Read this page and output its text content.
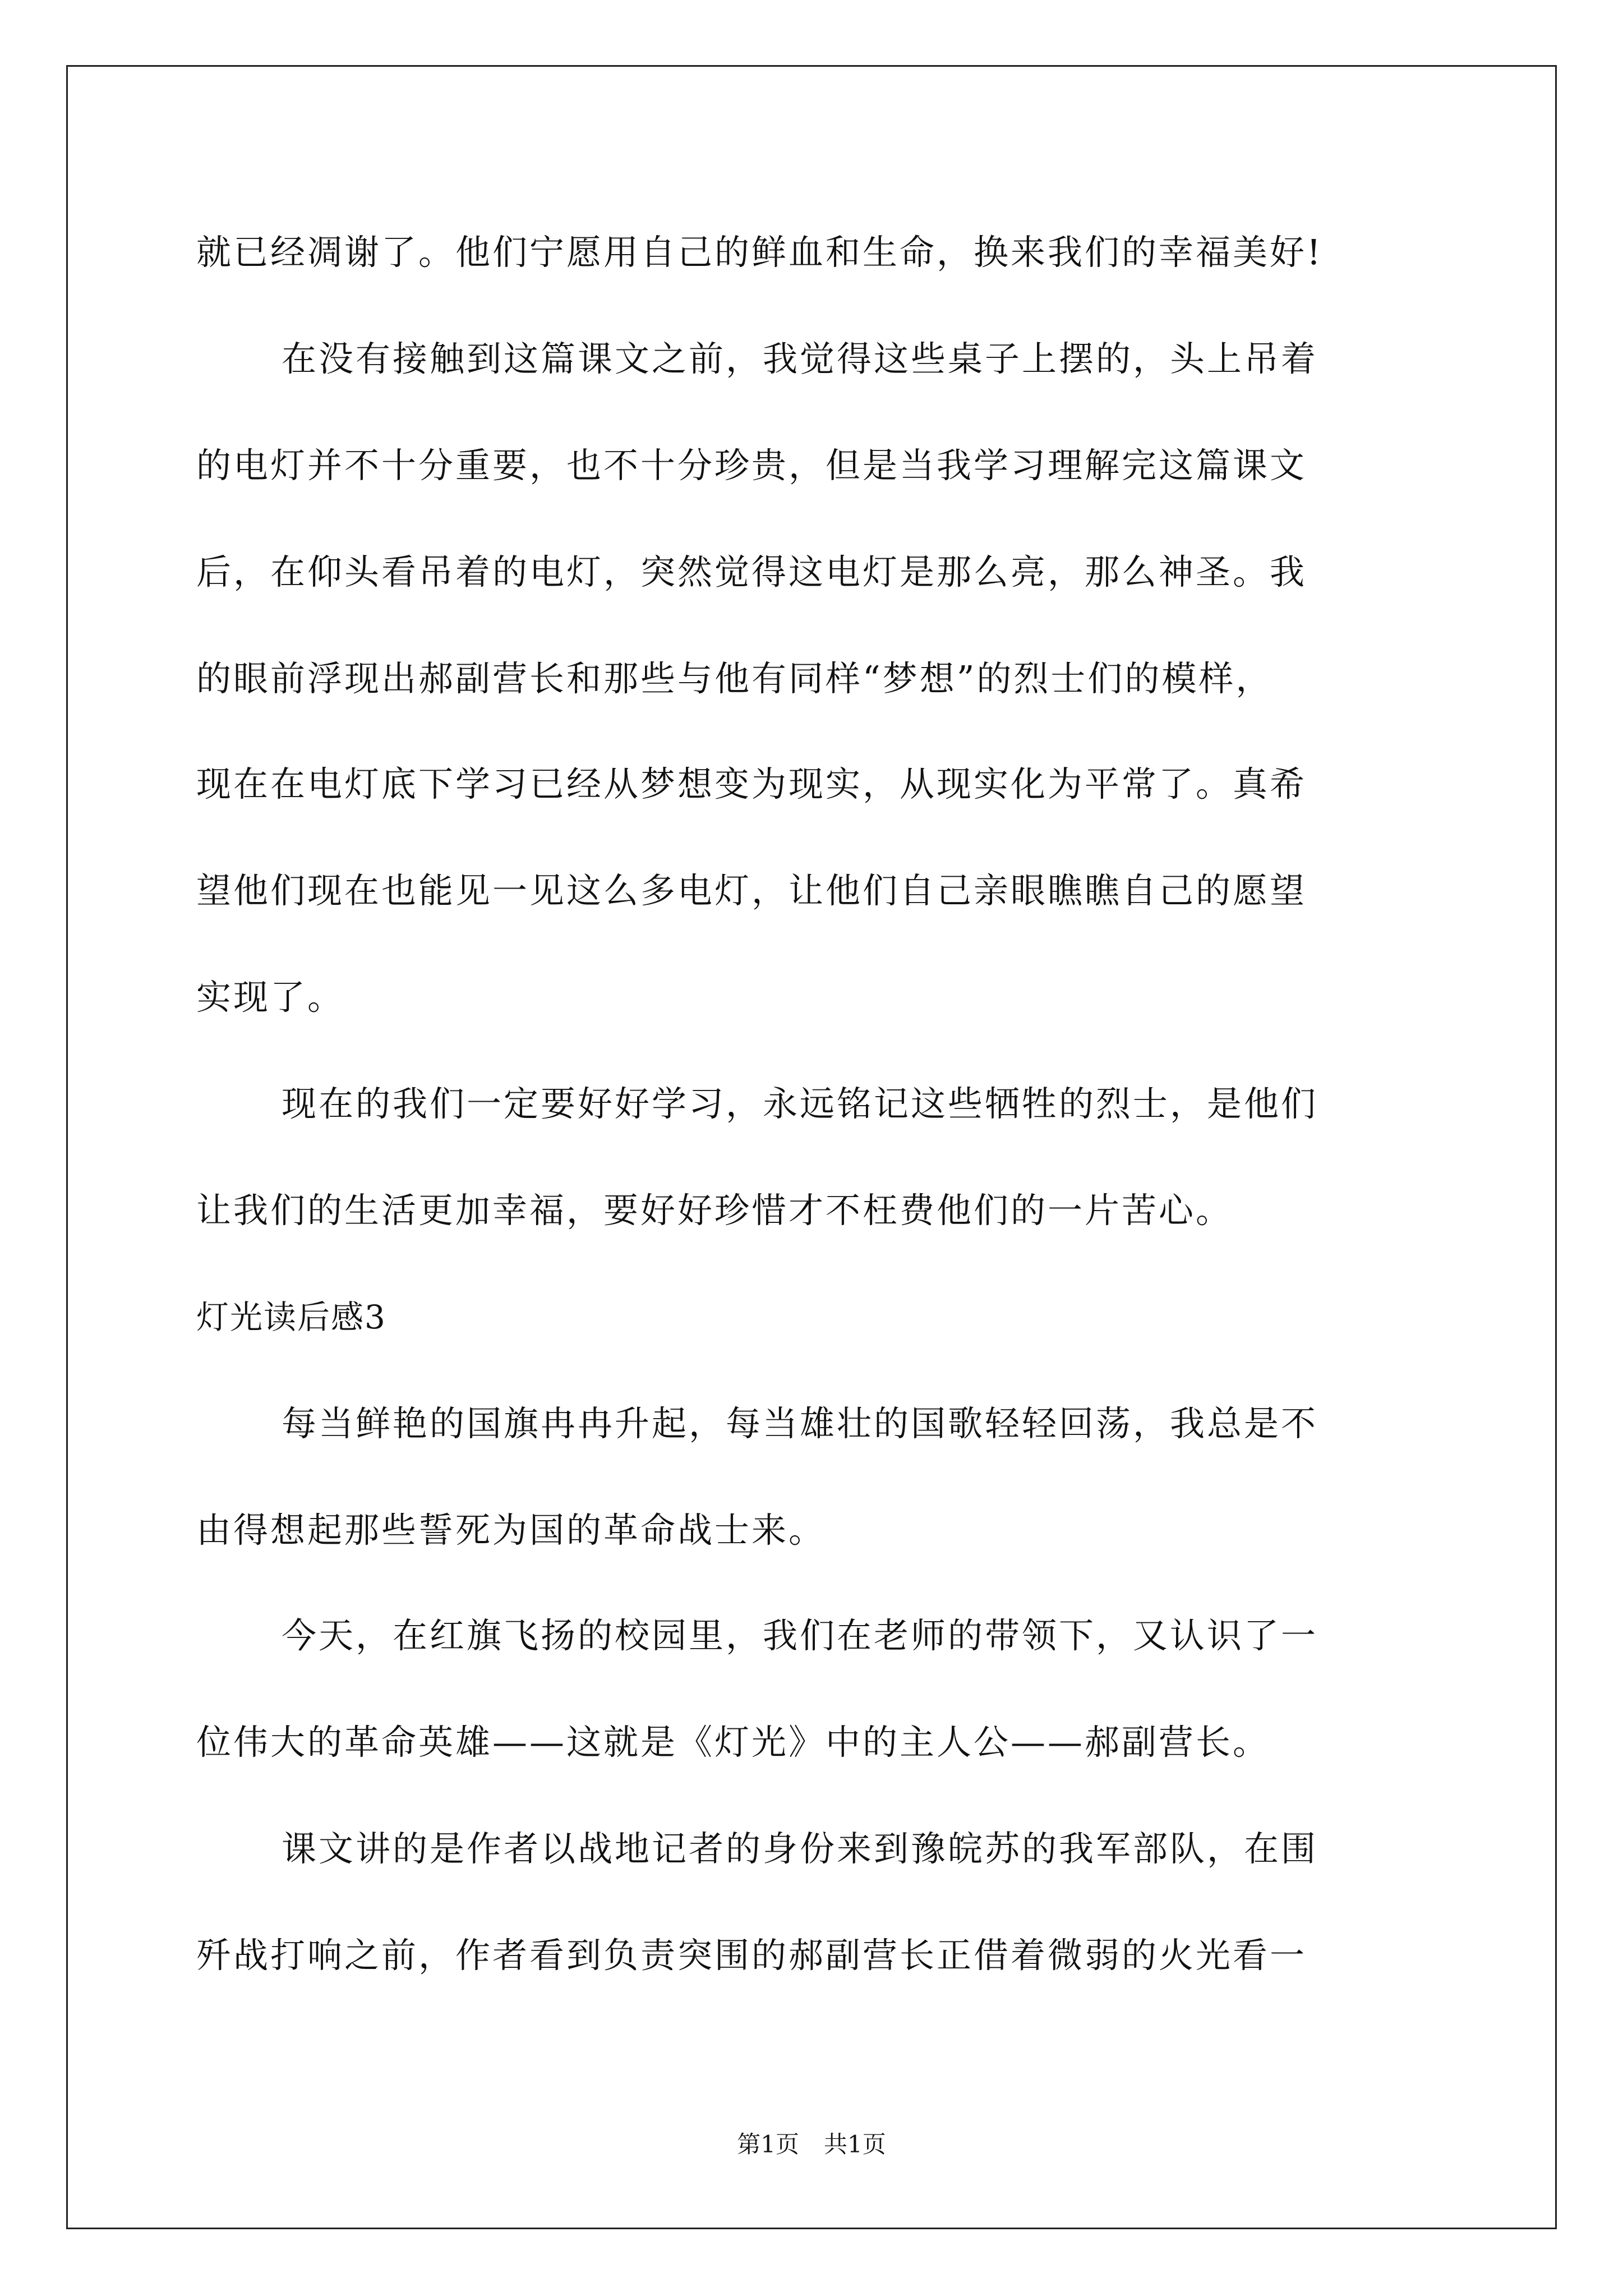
就已经凋谢了。他们宁愿用自己的鲜血和生命，换来我们的幸福美好!
在没有接触到这篇课文之前，我觉得这些桌子上摆的，头上吊着
的电灯并不十分重要，也不十分珍贵，但是当我学习理解完这篇课文
后，在仰头看吊着的电灯，突然觉得这电灯是那么亮，那么神圣。我
的眼前浮现出郝副营长和那些与他有同样“梦想”的烈士们的模样，
现在在电灯底下学习已经从梦想变为现实，从现实化为平常了。真希
望他们现在也能见一见这么多电灯，让他们自己亲眼瞧瞧自己的愿望
实现了。
现在的我们一定要好好学习，永远铭记这些牺牲的烈士，是他们
让我们的生活更加幸福，要好好珍惜才不枉费他们的一片苦心。
灯光读后感3
每当鲜艳的国旗冉冉升起，每当雄壮的国歌轻轻回荡，我总是不
由得想起那些誓死为国的革命战士来。
今天，在红旗飞扬的校园里，我们在老师的带领下，又认识了一
位伟大的革命英雄——这就是《灯光》中的主人公——郝副营长。
课文讲的是作者以战地记者的身份来到豫皖苏的我军部队，在围
歼战打响之前，作者看到负责突围的郝副营长正借着微弱的火光看一
第1页 共1页
